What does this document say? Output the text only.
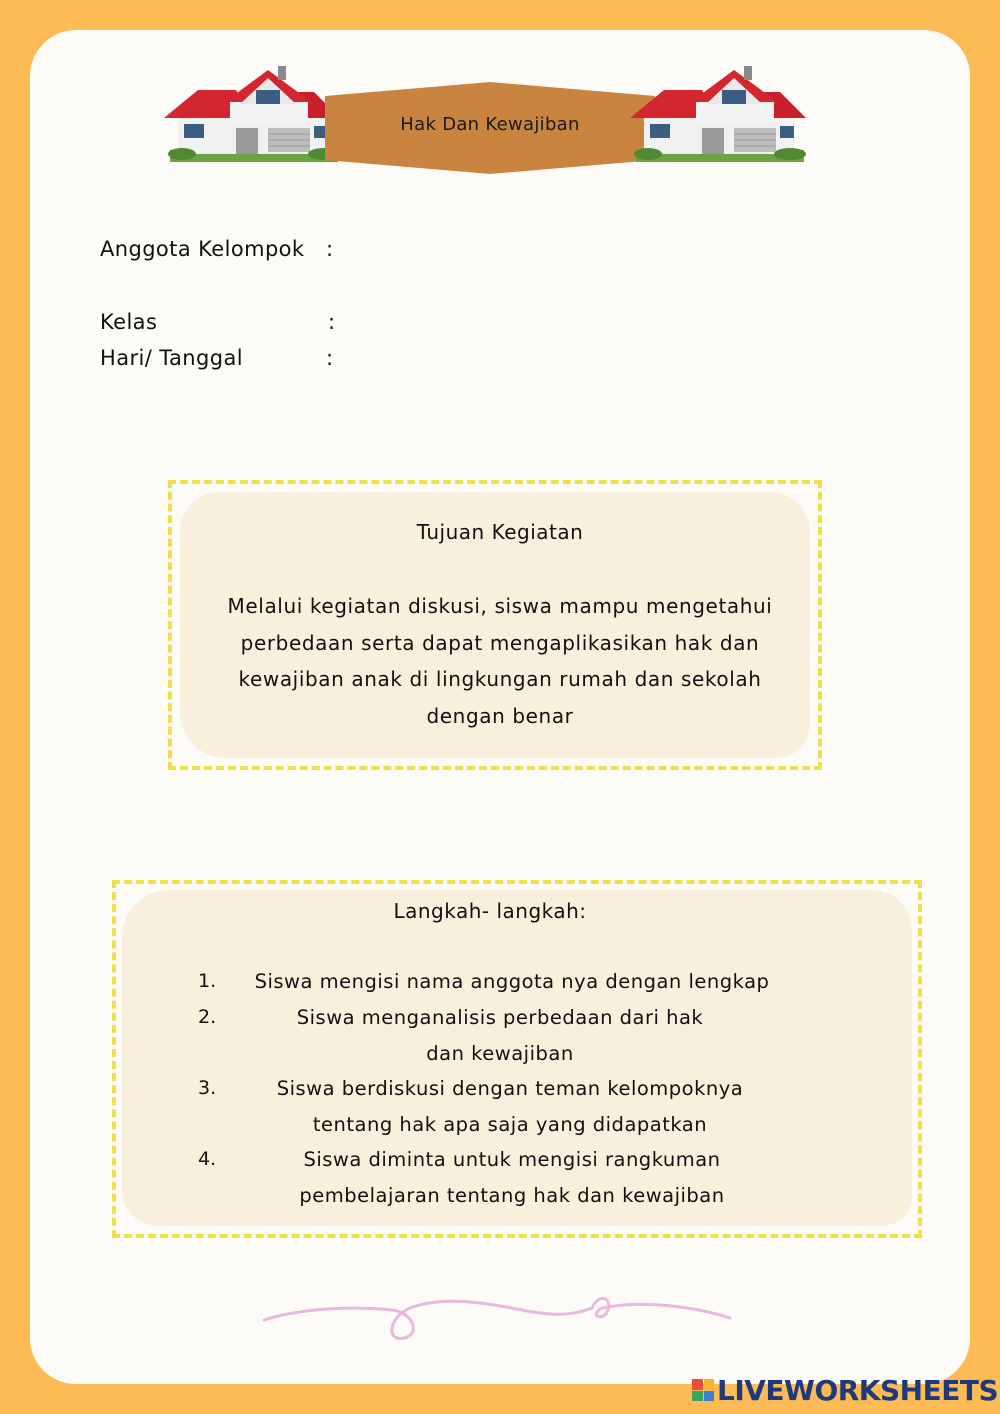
Hak Dan Kewajiban
Anggota Kelompok :
Kelas	:
Hari/ Tanggal	:
Tujuan Kegiatan
Melalui kegiatan diskusi, siswa mampu mengetahui perbedaan serta dapat mengaplikasikan hak dan kewajiban anak di lingkungan rumah dan sekolah dengan benar
Langkah- langkah:
1.	Siswa mengisi nama anggota nya dengan lengkap
2.	Siswa menganalisis perbedaan dari hak dan kewajiban
3.	Siswa berdiskusi dengan teman kelompoknya tentang hak apa saja yang didapatkan
4.	Siswa diminta untuk mengisi rangkuman pembelajaran tentang hak dan kewajiban
LIVEWORKSHEETS
